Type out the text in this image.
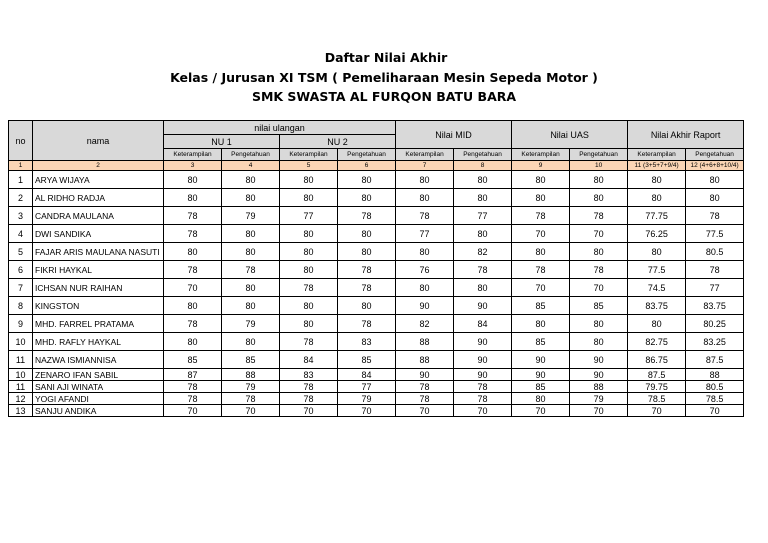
Daftar Nilai Akhir
Kelas / Jurusan XI TSM ( Pemeliharaan Mesin Sepeda Motor )
SMK SWASTA AL FURQON BATU BARA
no	nama	nilai ulangan				Nilai MID		Nilai UAS		Nilai Akhir Raport	
		NU 1		NU 2							
		Keterampilan	Pengetahuan	Keterampilan	Pengetahuan	Keterampilan	Pengetahuan	Keterampilan	Pengetahuan	Keterampilan	Pengetahuan
1	2	3	4	5	6	7	8	9	10	11 (3+5+7+9/4)	12 (4+6+8+10/4)
1	ARYA WIJAYA	80	80	80	80	80	80	80	80	80	80
2	AL RIDHO RADJA	80	80	80	80	80	80	80	80	80	80
3	CANDRA MAULANA	78	79	77	78	78	77	78	78	77.75	78
4	DWI SANDIKA	78	80	80	80	77	80	70	70	76.25	77.5
5	FAJAR ARIS MAULANA NASUTI	80	80	80	80	80	82	80	80	80	80.5
6	FIKRI HAYKAL	78	78	80	78	76	78	78	78	77.5	78
7	ICHSAN NUR RAIHAN	70	80	78	78	80	80	70	70	74.5	77
8	KINGSTON	80	80	80	80	90	90	85	85	83.75	83.75
9	MHD. FARREL PRATAMA	78	79	80	78	82	84	80	80	80	80.25
10	MHD. RAFLY HAYKAL	80	80	78	83	88	90	85	80	82.75	83.25
11	NAZWA ISMIANNISA	85	85	84	85	88	90	90	90	86.75	87.5
10	ZENARO IFAN SABIL	87	88	83	84	90	90	90	90	87.5	88
11	SANI AJI WINATA	78	79	78	77	78	78	85	88	79.75	80.5
12	YOGI AFANDI	78	78	78	79	78	78	80	79	78.5	78.5
13	SANJU ANDIKA	70	70	70	70	70	70	70	70	70	70
